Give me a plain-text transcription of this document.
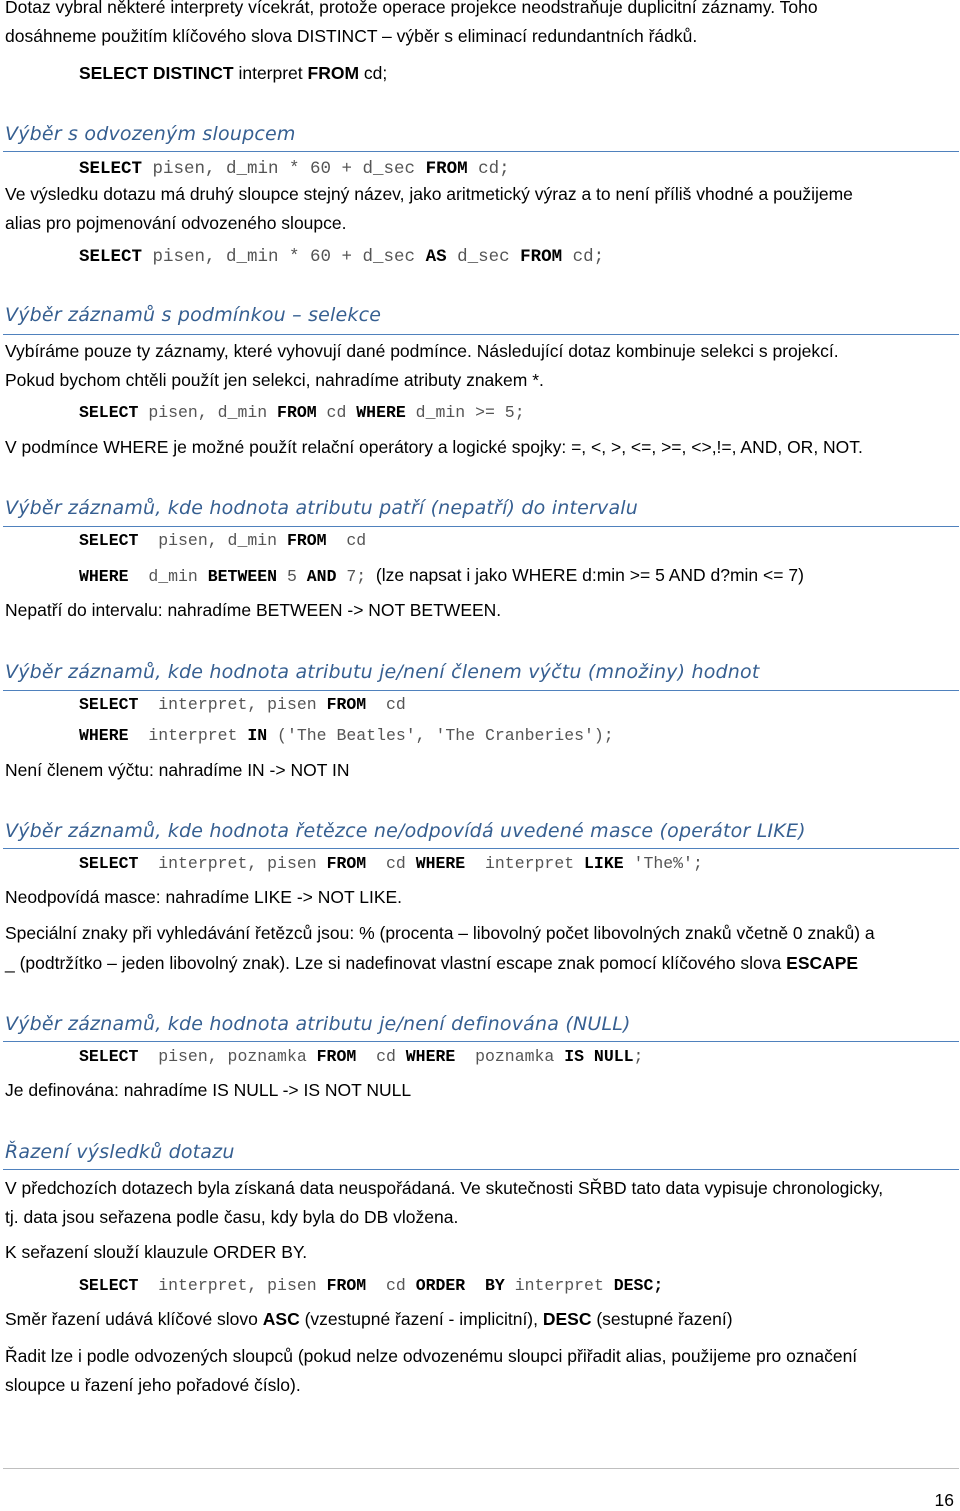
Dotaz vybral některé interprety vícekrát, protože operace projekce neodstraňuje duplicitní záznamy. Toho
dosáhneme použitím klíčového slova DISTINCT – výběr s eliminací redundantních řádků.
SELECT DISTINCT interpret FROM cd;
Výběr s odvozeným sloupcem
SELECT pisen, d_min * 60 + d_sec FROM cd;
Ve výsledku dotazu má druhý sloupce stejný název, jako aritmetický výraz a to není příliš vhodné a použijeme
alias pro pojmenování odvozeného sloupce.
SELECT pisen, d_min * 60 + d_sec AS d_sec FROM cd;
Výběr záznamů s podmínkou – selekce
Vybíráme pouze ty záznamy, které vyhovují dané podmínce. Následující dotaz kombinuje selekci s projekcí.
Pokud bychom chtěli použít jen selekci, nahradíme atributy znakem *.
SELECT pisen, d_min FROM cd WHERE d_min >= 5;
V podmínce WHERE je možné použít relační operátory a logické spojky: =, <, >, <=, >=, <>,!=, AND, OR, NOT.
Výběr záznamů, kde hodnota atributu patří (nepatří) do intervalu
SELECT  pisen, d_min FROM  cd
WHERE  d_min BETWEEN 5 AND 7;  (lze napsat i jako WHERE d:min >= 5 AND d?min <= 7)
Nepatří do intervalu: nahradíme BETWEEN -> NOT BETWEEN.
Výběr záznamů, kde hodnota atributu je/není členem výčtu (množiny) hodnot
SELECT  interpret, pisen FROM  cd
WHERE  interpret IN ('The Beatles', 'The Cranberies');
Není členem výčtu: nahradíme IN -> NOT IN
Výběr záznamů, kde hodnota řetězce ne/odpovídá uvedené masce (operátor LIKE)
SELECT  interpret, pisen FROM  cd WHERE  interpret LIKE 'The%';
Neodpovídá masce: nahradíme LIKE -> NOT LIKE.
Speciální znaky při vyhledávání řetězců jsou: % (procenta – libovolný počet libovolných znaků včetně 0 znaků) a
_ (podtržítko – jeden libovolný znak). Lze si nadefinovat vlastní escape znak pomocí klíčového slova ESCAPE
Výběr záznamů, kde hodnota atributu je/není definována (NULL)
SELECT  pisen, poznamka FROM  cd WHERE  poznamka IS NULL;
Je definována: nahradíme IS NULL -> IS NOT NULL
Řazení výsledků dotazu
V předchozích dotazech byla získaná data neuspořádaná. Ve skutečnosti SŘBD tato data vypisuje chronologicky,
tj. data jsou seřazena podle času, kdy byla do DB vložena.
K seřazení slouží klauzule ORDER BY.
SELECT  interpret, pisen FROM  cd ORDER BY interpret DESC;
Směr řazení udává klíčové slovo ASC (vzestupné řazení - implicitní), DESC (sestupné řazení)
Řadit lze i podle odvozených sloupců (pokud nelze odvozenému sloupci přiřadit alias, použijeme pro označení
sloupce u řazení jeho pořadové číslo).
16
